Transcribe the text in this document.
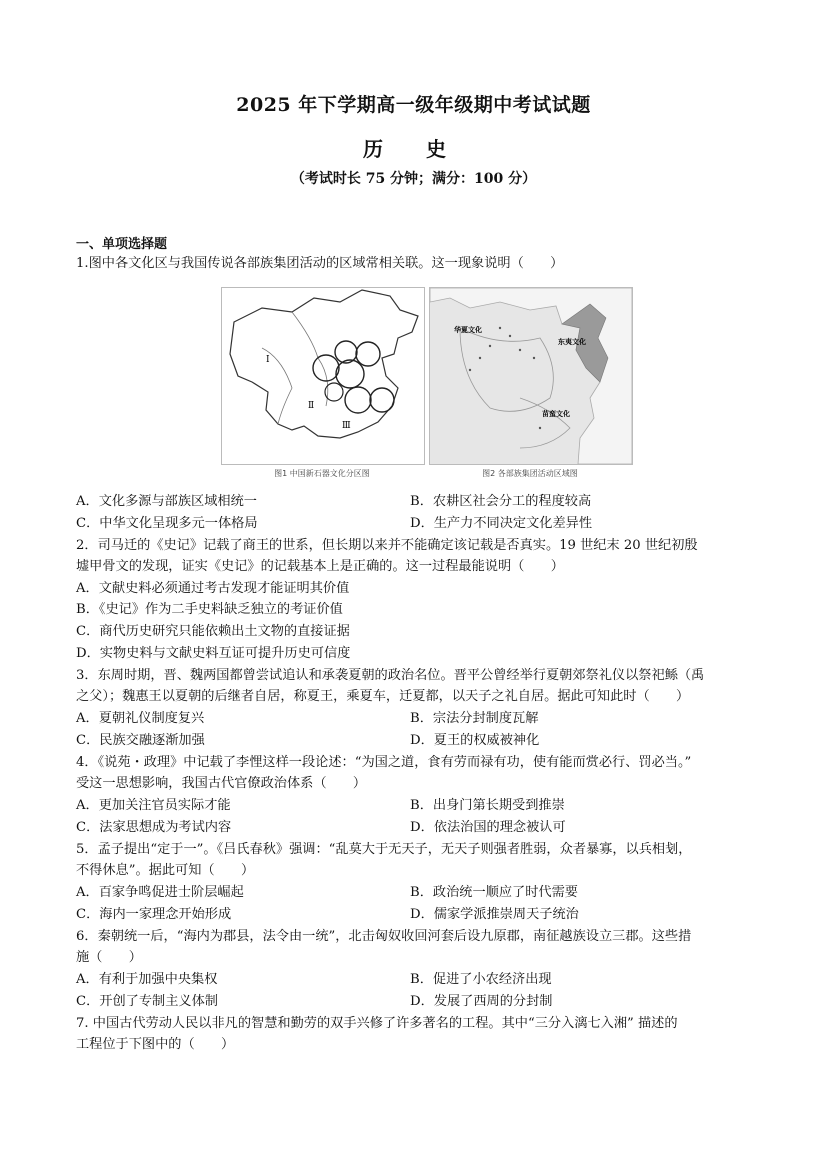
2025 年下学期高一级年级期中考试试题
历 史
（考试时长 75 分钟；满分：100 分）
一、单项选择题
1.图中各文化区与我国传说各部族集团活动的区域常相关联。这一现象说明（　　）
Ⅰ
Ⅱ
Ⅲ
华夏文化
东夷文化
苗蛮文化
图1 中国新石器文化分区图	图2 各部族集团活动区域图
A．文化多源与部族区域相统一	B．农耕区社会分工的程度较高
C．中华文化呈现多元一体格局	D．生产力不同决定文化差异性
2．司马迁的《史记》记载了商王的世系，但长期以来并不能确定该记载是否真实。19 世纪末 20 世纪初殷
墟甲骨文的发现，证实《史记》的记载基本上是正确的。这一过程最能说明（　　）
A．文献史料必须通过考古发现才能证明其价值
B．《史记》作为二手史料缺乏独立的考证价值
C．商代历史研究只能依赖出土文物的直接证据
D．实物史料与文献史料互证可提升历史可信度
3．东周时期，晋、魏两国都曾尝试追认和承袭夏朝的政治名位。晋平公曾经举行夏朝郊祭礼仪以祭祀鲧（禹
之父）；魏惠王以夏朝的后继者自居，称夏王，乘夏车，迁夏都，以天子之礼自居。据此可知此时（　　）
A．夏朝礼仪制度复兴	B．宗法分封制度瓦解
C．民族交融逐渐加强	D．夏王的权威被神化
4．《说苑・政理》中记载了李悝这样一段论述：“为国之道，食有劳而禄有功，使有能而赏必行、罚必当。”
受这一思想影响，我国古代官僚政治体系（　　）
A．更加关注官员实际才能	B．出身门第长期受到推崇
C．法家思想成为考试内容	D．依法治国的理念被认可
5．孟子提出“定于一”。《吕氏春秋》强调：“乱莫大于无天子，无天子则强者胜弱，众者暴寡，以兵相刬，
不得休息”。据此可知（　　）
A．百家争鸣促进士阶层崛起	B．政治统一顺应了时代需要
C．海内一家理念开始形成	D．儒家学派推崇周天子统治
6．秦朝统一后，“海内为郡县，法令由一统”，北击匈奴收回河套后设九原郡，南征越族设立三郡。这些措
施（　　）
A．有利于加强中央集权	B．促进了小农经济出现
C．开创了专制主义体制	D．发展了西周的分封制
7. 中国古代劳动人民以非凡的智慧和勤劳的双手兴修了许多著名的工程。其中“三分入漓七入湘” 描述的
工程位于下图中的（　　）
